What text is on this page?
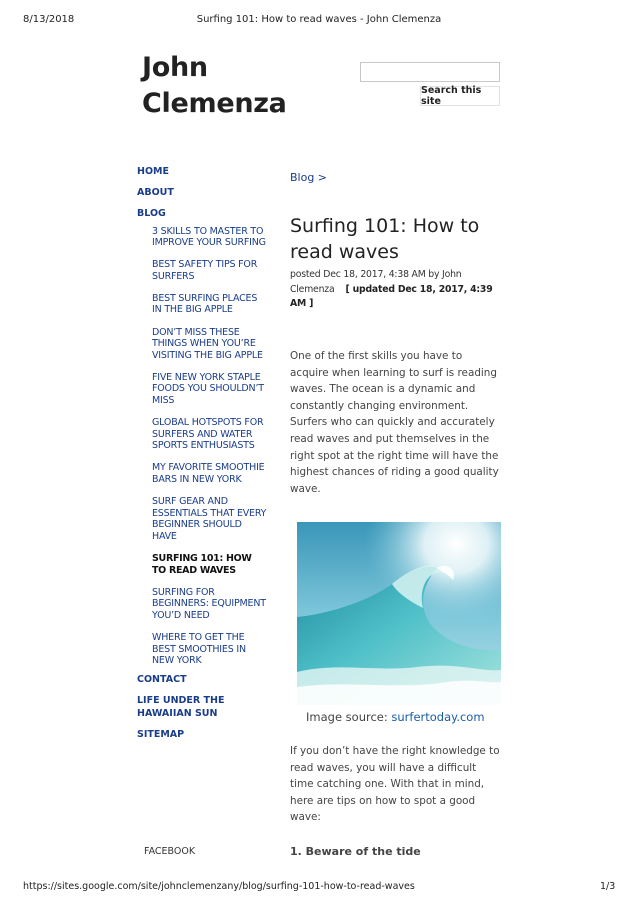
8/13/2018	Surfing 101: How to read waves - John Clemenza
John
Clemenza	Search this site
HOME
ABOUT
BLOG
3 SKILLS TO MASTER TO IMPROVE YOUR SURFING
BEST SAFETY TIPS FOR SURFERS
BEST SURFING PLACES IN THE BIG APPLE
DON’T MISS THESE THINGS WHEN YOU’RE VISITING THE BIG APPLE
FIVE NEW YORK STAPLE FOODS YOU SHOULDN’T MISS
GLOBAL HOTSPOTS FOR SURFERS AND WATER SPORTS ENTHUSIASTS
MY FAVORITE SMOOTHIE BARS IN NEW YORK
SURF GEAR AND ESSENTIALS THAT EVERY BEGINNER SHOULD HAVE
SURFING 101: HOW TO READ WAVES
SURFING FOR BEGINNERS: EQUIPMENT YOU’D NEED
WHERE TO GET THE BEST SMOOTHIES IN NEW YORK
CONTACT
LIFE UNDER THE HAWAIIAN SUN
SITEMAP
FACEBOOK
Blog >
Surfing 101: How to read waves
posted Dec 18, 2017, 4:38 AM by John Clemenza [ updated Dec 18, 2017, 4:39 AM ]
One of the first skills you have to acquire when learning to surf is reading waves. The ocean is a dynamic and constantly changing environment. Surfers who can quickly and accurately read waves and put themselves in the right spot at the right time will have the highest chances of riding a good quality wave.
Image source: surfertoday.com
If you don’t have the right knowledge to read waves, you will have a difficult time catching one. With that in mind, here are tips on how to spot a good wave:
1. Beware of the tide
https://sites.google.com/site/johnclemenzany/blog/surfing-101-how-to-read-waves	1/3
